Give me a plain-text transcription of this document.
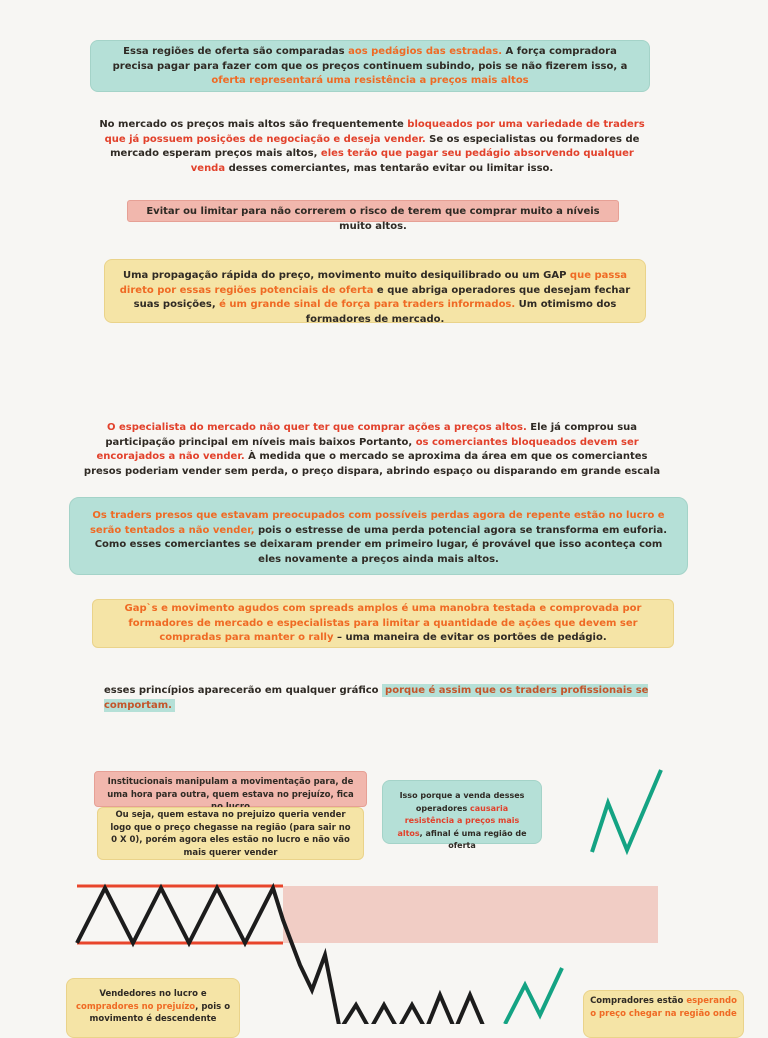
Essa regiões de oferta são comparadas aos pedágios das estradas. A força compradora precisa pagar para fazer com que os preços continuem subindo, pois se não fizerem isso, a oferta representará uma resistência a preços mais altos

No mercado os preços mais altos são frequentemente bloqueados por uma variedade de traders que já possuem posições de negociação e deseja vender. Se os especialistas ou formadores de mercado esperam preços mais altos, eles terão que pagar seu pedágio absorvendo qualquer venda desses comerciantes, mas tentarão evitar ou limitar isso.

Evitar ou limitar para não correrem o risco de terem que comprar muito a níveis muito altos.

Uma propagação rápida do preço, movimento muito desiquilibrado ou um GAP que passa direto por essas regiões potenciais de oferta e que abriga operadores que desejam fechar suas posições, é um grande sinal de força para traders informados. Um otimismo dos formadores de mercado.

O especialista do mercado não quer ter que comprar ações a preços altos. Ele já comprou sua participação principal em níveis mais baixos Portanto, os comerciantes bloqueados devem ser encorajados a não vender. À medida que o mercado se aproxima da área em que os comerciantes presos poderiam vender sem perda, o preço dispara, abrindo espaço ou disparando em grande escala

Os traders presos que estavam preocupados com possíveis perdas agora de repente estão no lucro e serão tentados a não vender, pois o estresse de uma perda potencial agora se transforma em euforia. Como esses comerciantes se deixaram prender em primeiro lugar, é provável que isso aconteça com eles novamente a preços ainda mais altos.

Gap`s e movimento agudos com spreads amplos é uma manobra testada e comprovada por formadores de mercado e especialistas para limitar a quantidade de ações que devem ser compradas para manter o rally – uma maneira de evitar os portões de pedágio.

esses princípios aparecerão em qualquer gráfico porque é assim que os traders profissionais se comportam.

Institucionais manipulam a movimentação para, de uma hora para outra, quem estava no prejuízo, fica

Ou seja, quem estava no prejuizo queria vender logo que o preço chegasse na região (para sair no 0 X 0), porém agora eles estão no lucro e não vão mais querer vender

Isso porque a venda desses operadores causaria resistência a preços mais altos, afinal é uma região de oferta

Vendedores no lucro e compradores no prejuízo, pois o movimento é descendente

Compradores estão esperando o preço chegar na região onde
